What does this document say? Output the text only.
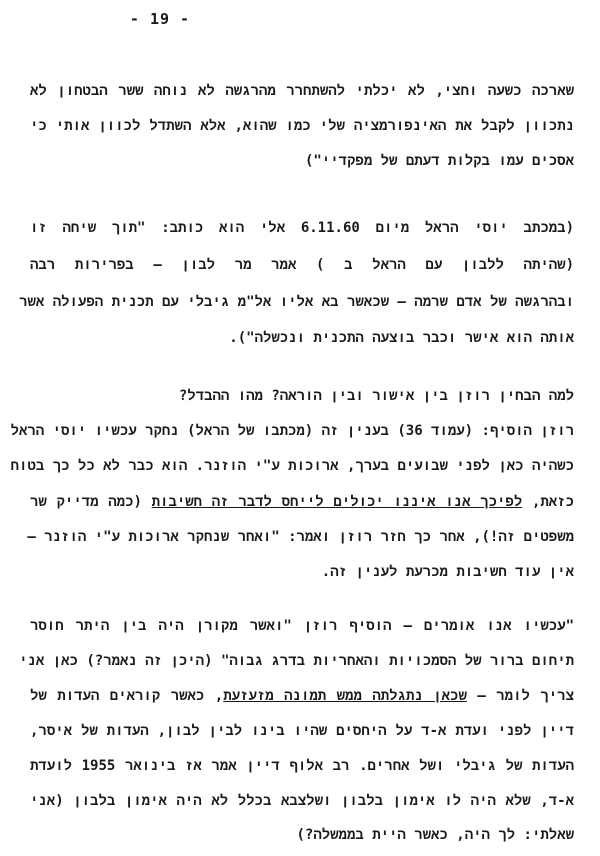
- 19 -
שארכה כשעה וחצי, לא יכלתי להשתחרר מהרגשה לא נוחה ששר הבטחון לא
נתכוון לקבל את האינפורמציה שלי כמו שהוא, אלא השתדל לכוון אותי כי
אסכים עמו בקלות דעתם של מפקדיי")
(במכתב יוסי הראל מיום 6.11.60 אלי הוא כותב: "תוך שיחה זו
(שהיתה ללבון עם הראל ב ) אמר מר לבון – בפרירות רבה
ובהרגשה של אדם שרמה – שכאשר בא אליו אל"מ גיבלי עם תכנית הפעולה אשר
אותה הוא אישר וכבר בוצעה התכנית ונכשלה").
למה הבחין רוזן בין אישור ובין הוראה? מהו ההבדל?
רוזן הוסיף: (עמוד 36) בענין זה (מכתבו של הראל) נחקר עכשיו יוסי הראל
כשהיה כאן לפני שבועים בערך, ארוכות ע"י הוזנר. הוא כבר לא כל כך בטוח
כזאת, לפיכך אנו איננו יכולים לייחס לדבר זה חשיבות (כמה מדייק שר
משפטים זה!), אחר כך חזר רוזן ואמר: "ואחר שנחקר ארוכות ע"י הוזנר –
אין עוד חשיבות מכרעת לענין זה.
"עכשיו אנו אומרים – הוסיף רוזן "ואשר מקורן היה בין היתר חוסר
תיחום ברור של הסמכויות והאחריות בדרג גבוה" (היכן זה נאמר?) כאן אני
צריך לומר – שכאן נתגלתה ממש תמונה מזעזעת, כאשר קוראים העדות של
דיין לפני ועדת א-ד על היחסים שהיו בינו לבין לבון, העדות של איסר,
העדות של גיבלי ושל אחרים. רב אלוף דיין אמר אז בינואר 1955 לועדת
א-ד, שלא היה לו אימון בלבון ושלצבא בכלל לא היה אימון בלבון (אני
שאלתי: לך היה, כאשר היית בממשלה?)
